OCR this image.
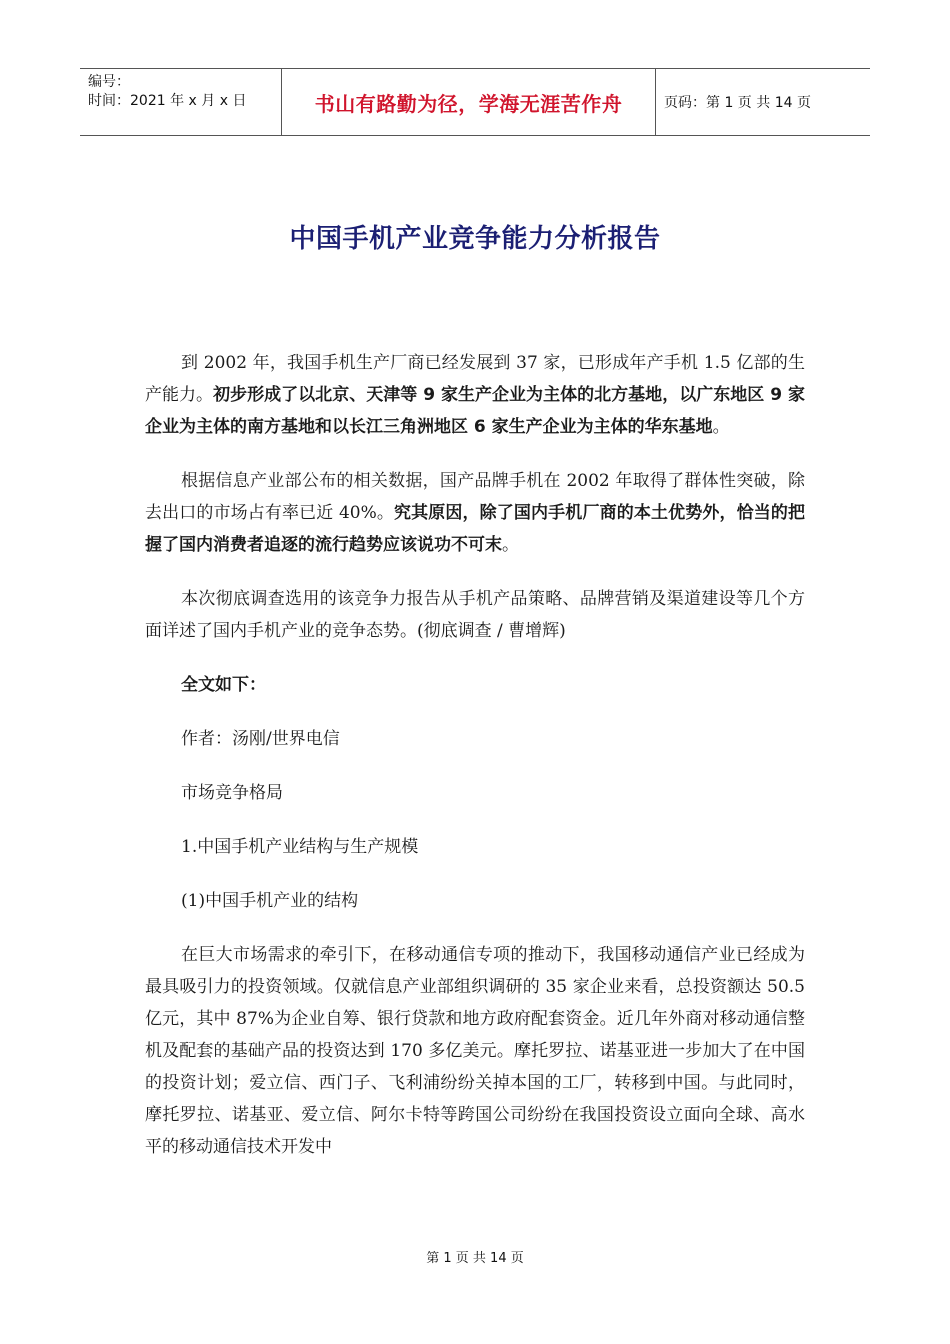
编号：
时间：2021 年 x 月 x 日	书山有路勤为径，学海无涯苦作舟	页码：第 1 页 共 14 页
中国手机产业竞争能力分析报告

到 2002 年，我国手机生产厂商已经发展到 37 家，已形成年产手机 1.5 亿部的生产能力。初步形成了以北京、天津等 9 家生产企业为主体的北方基地，以广东地区 9 家企业为主体的南方基地和以长江三角洲地区 6 家生产企业为主体的华东基地。

根据信息产业部公布的相关数据，国产品牌手机在 2002 年取得了群体性突破，除去出口的市场占有率已近 40%。究其原因，除了国内手机厂商的本土优势外，恰当的把握了国内消费者追逐的流行趋势应该说功不可末。

本次彻底调查选用的该竞争力报告从手机产品策略、品牌营销及渠道建设等几个方面详述了国内手机产业的竞争态势。(彻底调查 / 曹增辉)

全文如下：

作者：汤刚/世界电信

市场竞争格局

1.中国手机产业结构与生产规模

(1)中国手机产业的结构

在巨大市场需求的牵引下，在移动通信专项的推动下，我国移动通信产业已经成为最具吸引力的投资领域。仅就信息产业部组织调研的 35 家企业来看，总投资额达 50.5 亿元，其中 87%为企业自筹、银行贷款和地方政府配套资金。近几年外商对移动通信整机及配套的基础产品的投资达到 170 多亿美元。摩托罗拉、诺基亚进一步加大了在中国的投资计划；爱立信、西门子、飞利浦纷纷关掉本国的工厂，转移到中国。与此同时，摩托罗拉、诺基亚、爱立信、阿尔卡特等跨国公司纷纷在我国投资设立面向全球、高水平的移动通信技术开发中

第 1 页 共 14 页
